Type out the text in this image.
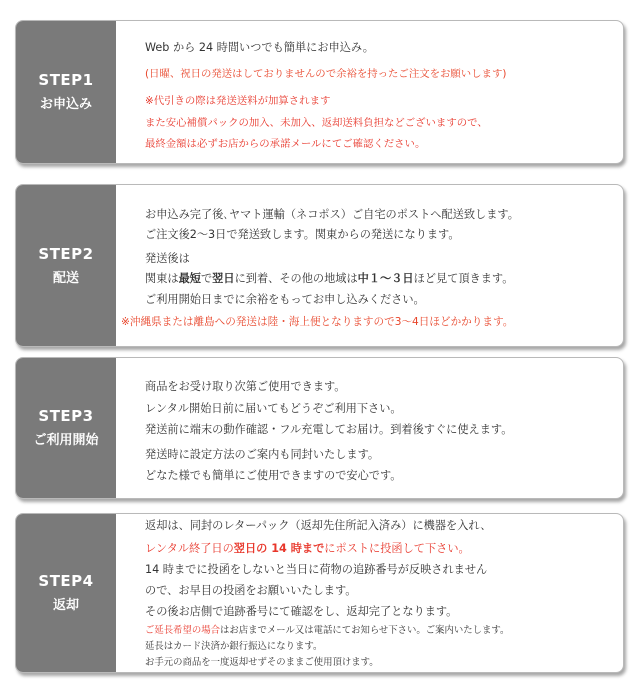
STEP1
お申込み
Web から 24 時間いつでも簡単にお申込み。
(日曜、祝日の発送はしておりませんので余裕を持ったご注文をお願いします)
※代引きの際は発送送料が加算されます
また安心補償パックの加入、未加入、返却送料負担などございますので、
最終金額は必ずお店からの承諾メールにてご確認ください。
STEP2
配送
お申込み完了後､ヤマト運輸（ネコポス）ご自宅のポストへ配送致します。
ご注文後2〜3日で発送致します。関東からの発送になります。
発送後は
関東は最短で翌日に到着、その他の地域は中１～３日ほど見て頂きます。
ご利用開始日までに余裕をもってお申し込みください。
※沖縄県または離島への発送は陸・海上便となりますので3〜4日ほどかかります。
STEP3
ご利用開始
商品をお受け取り次第ご使用できます。
レンタル開始日前に届いてもどうぞご利用下さい。
発送前に端末の動作確認・フル充電してお届け。到着後すぐに使えます。
発送時に設定方法のご案内も同封いたします。
どなた様でも簡単にご使用できますので安心です。
STEP4
返却
返却は、同封のレターパック（返却先住所記入済み）に機器を入れ、
レンタル終了日の翌日の 14 時までにポストに投函して下さい。
14 時までに投函をしないと当日に荷物の追跡番号が反映されません
ので、お早目の投函をお願いいたします。
その後お店側で追跡番号にて確認をし、返却完了となります。
ご延長希望の場合はお店までメール又は電話にてお知らせ下さい。ご案内いたします。
延長はカード決済か銀行振込になります。
お手元の商品を一度返却せずそのままご使用頂けます。
